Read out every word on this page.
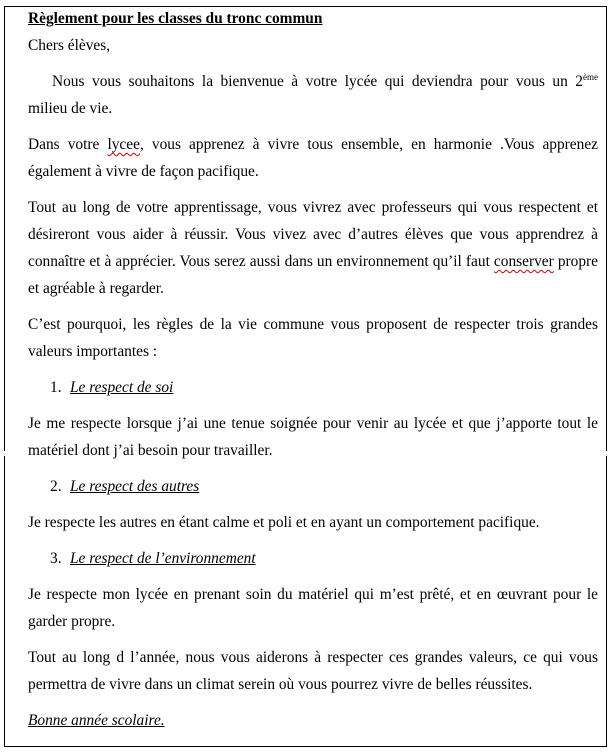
Règlement pour les classes du tronc commun

Chers élèves,

Nous vous souhaitons la bienvenue à votre lycée qui deviendra pour vous un 2ème

milieu de vie.

Dans votre lycee, vous apprenez à vivre tous ensemble, en harmonie .Vous apprenez également à vivre de façon pacifique.

Tout au long de votre apprentissage, vous vivrez avec professeurs qui vous respectent et désireront vous aider à réussir. Vous vivez avec d’autres élèves que vous apprendrez à connaître et à apprécier. Vous serez aussi dans un environnement qu’il faut conserver propre et agréable à regarder.

C’est pourquoi, les règles de la vie commune vous proposent de respecter trois grandes valeurs importantes :

1. Le respect de soi

Je me respecte lorsque j’ai une tenue soignée pour venir au lycée et que j’apporte tout le matériel dont j’ai besoin pour travailler.

2. Le respect des autres

Je respecte les autres en étant calme et poli et en ayant un comportement pacifique.

3. Le respect de l’environnement

Je respecte mon lycée en prenant soin du matériel qui m’est prêté, et en œuvrant pour le garder propre.

Tout au long d l’année, nous vous aiderons à respecter ces grandes valeurs, ce qui vous permettra de vivre dans un climat serein où vous pourrez vivre de belles réussites.

Bonne année scolaire.
